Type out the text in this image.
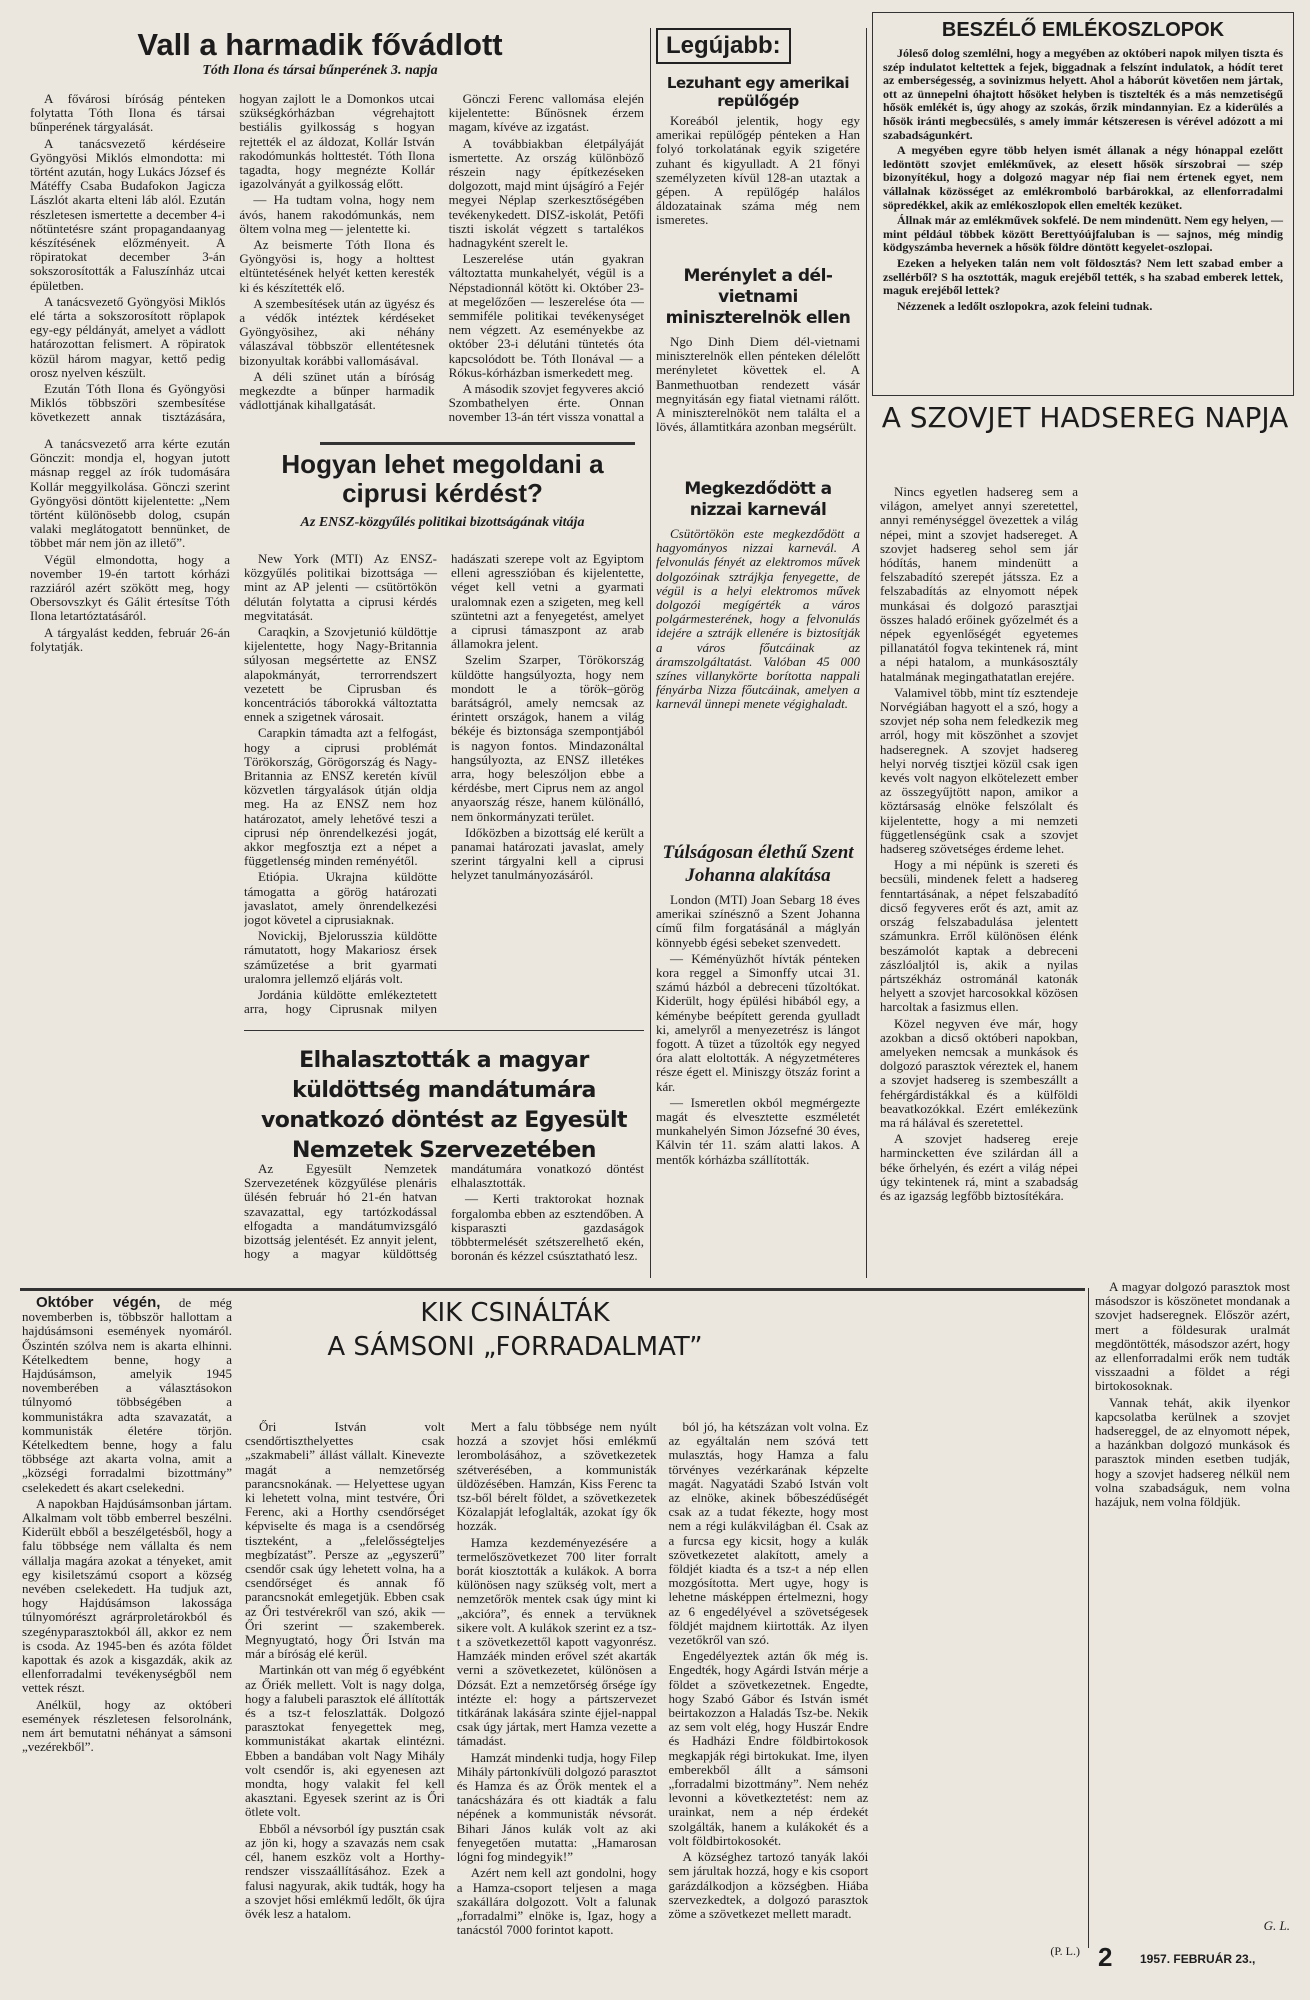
Vall a harmadik fővádlott
Tóth Ilona és társai bűnperének 3. napja

A fővárosi bíróság pénteken folytatta Tóth Ilona és társai bűnperének tárgyalását.

A tanácsvezető kérdéseire Gyöngyösi Miklós elmondotta: mi történt azután, hogy Lukács József és Mátéffy Csaba Budafokon Jagicza Lászlót akarta elteni láb alól. Ezután részletesen ismertette a december 4-i nőtüntetésre szánt propagandaanyag készítésének előzményeit. A röpiratokat december 3-án sokszorosították a Faluszínház utcai épületben.

A tanácsvezető Gyöngyösi Miklós elé tárta a sokszorosított röplapok egy-egy példányát, amelyet a vádlott határozottan felismert. A röpiratok közül három magyar, kettő pedig orosz nyelven készült.

Ezután Tóth Ilona és Gyöngyösi Miklós többszöri szembesítése következett annak tisztázására, hogyan zajlott le a Domonkos utcai szükségkórházban végrehajtott bestiális gyilkosság s hogyan rejtették el az áldozat, Kollár István rakodómunkás holttestét. Tóth Ilona tagadta, hogy megnézte Kollár igazolványát a gyilkosság előtt.

— Ha tudtam volna, hogy nem ávós, hanem rakodómunkás, nem öltem volna meg — jelentette ki.

Az beismerte Tóth Ilona és Gyöngyösi is, hogy a holttest eltüntetésének helyét ketten keresték ki és készítették elő.

A szembesítések után az ügyész és a védők intéztek kérdéseket Gyöngyösihez, aki néhány válaszával többször ellentétesnek bizonyultak korábbi vallomásával.

A déli szünet után a bíróság megkezdte a bűnper harmadik vádlottjának kihallgatását.

Gönczi Ferenc vallomása elején kijelentette: Bűnösnek érzem magam, kívéve az izgatást.

A továbbiakban életpályáját ismertette. Az ország különböző részein nagy építkezéseken dolgozott, majd mint újságíró a Fejér megyei Néplap szerkesztőségében tevékenykedett. DISZ-iskolát, Petőfi tiszti iskolát végzett s tartalékos hadnagyként szerelt le.

Leszerelése után gyakran változtatta munkahelyét, végül is a Népstadionnál kötött ki. Október 23-at megelőzően — leszerelése óta — semmiféle politikai tevékenységet nem végzett. Az eseményekbe az október 23-i délutáni tüntetés óta kapcsolódott be. Tóth Ilonával — a Rókus-kórházban ismerkedett meg.

A második szovjet fegyveres akció Szombathelyen érte. Onnan november 13-án tért vissza vonattal a

A tanácsvezető arra kérte ezután Gönczit: mondja el, hogyan jutott másnap reggel az írók tudomására Kollár meggyilkolása. Gönczi szerint Gyöngyösi döntött kijelentette: „Nem történt különösebb dolog, csupán valaki meglátogatott bennünket, de többet már nem jön az illető”.

Végül elmondotta, hogy a november 19-én tartott kórházi razziáról azért szökött meg, hogy Obersovszkyt és Gálit értesítse Tóth Ilona letartóztatásáról.

A tárgyalást kedden, február 26-án folytatják.

Hogyan lehet megoldani a ciprusi kérdést?
Az ENSZ-közgyűlés politikai bizottságának vitája

New York (MTI) Az ENSZ-közgyűlés politikai bizottsága — mint az AP jelenti — csütörtökön délután folytatta a ciprusi kérdés megvitatását.

Caraqkin, a Szovjetunió küldöttje kijelentette, hogy Nagy-Britannia súlyosan megsértette az ENSZ alapokmányát, terrorrendszert vezetett be Ciprusban és koncentrációs táborokká változtatta ennek a szigetnek városait.

Carapkin támadta azt a felfogást, hogy a ciprusi problémát Törökország, Görögország és Nagy-Britannia az ENSZ keretén kívül közvetlen tárgyalások útján oldja meg. Ha az ENSZ nem hoz határozatot, amely lehetővé teszi a ciprusi nép önrendelkezési jogát, akkor megfosztja ezt a népet a függetlenség minden reményétől.

Etiópia. Ukrajna küldötte támogatta a görög határozati javaslatot, amely önrendelkezési jogot követel a ciprusiaknak.

Novickij, Bjelorusszia küldötte rámutatott, hogy Makariosz érsek száműzetése a brit gyarmati uralomra jellemző eljárás volt.

Jordánia küldötte emlékeztetett arra, hogy Ciprusnak milyen hadászati szerepe volt az Egyiptom elleni agresszióban és kijelentette, véget kell vetni a gyarmati uralomnak ezen a szigeten, meg kell szüntetni azt a fenyegetést, amelyet a ciprusi támaszpont az arab államokra jelent.

Szelim Szarper, Törökország küldötte hangsúlyozta, hogy nem mondott le a török–görög barátságról, amely nemcsak az érintett országok, hanem a világ békéje és biztonsága szempontjából is nagyon fontos. Mindazonáltal hangsúlyozta, az ENSZ illetékes arra, hogy beleszóljon ebbe a kérdésbe, mert Ciprus nem az angol anyaország része, hanem különálló, nem önkormányzati terület.

Időközben a bizottság elé került a panamai határozati javaslat, amely szerint tárgyalni kell a ciprusi helyzet tanulmányozásáról.

Elhalasztották a magyar küldöttség mandátumára vonatkozó döntést az Egyesült Nemzetek Szervezetében

Az Egyesült Nemzetek Szervezetének közgyűlése plenáris ülésén február hó 21-én hatvan szavazattal, egy tartózkodással elfogadta a mandátumvizsgáló bizottság jelentését. Ez annyit jelent, hogy a magyar küldöttség mandátumára vonatkozó döntést elhalasztották.

— Kerti traktorokat hoznak forgalomba ebben az esztendőben. A kisparaszti gazdaságok többtermelését szétszerelhető ekén, boronán és kézzel csúsztatható lesz.

Legújabb:
Lezuhant egy amerikai repülőgép

Koreából jelentik, hogy egy amerikai repülőgép pénteken a Han folyó torkolatának egyik szigetére zuhant és kigyulladt. A 21 főnyi személyzeten kívül 128-an utaztak a gépen. A repülőgép halálos áldozatainak száma még nem ismeretes.

Merénylet a dél-vietnami miniszterelnök ellen

Ngo Dinh Diem dél-vietnami miniszterelnök ellen pénteken délelőtt merényletet követtek el. A Banmethuotban rendezett vásár megnyitásán egy fiatal vietnami rálőtt. A miniszterelnököt nem találta el a lövés, államtitkára azonban megsérült.

Megkezdődött a nizzai karnevál

Csütörtökön este megkezdődött a hagyományos nizzai karnevál. A felvonulás fényét az elektromos művek dolgozóinak sztrájkja fenyegette, de végül is a helyi elektromos művek dolgozói megígérték a város polgármesterének, hogy a felvonulás idejére a sztrájk ellenére is biztosítják a város főutcáinak az áramszolgáltatást. Valóban 45 000 színes villanykörte borította nappali fényárba Nizza főutcáinak, amelyen a karnevál ünnepi menete végighaladt.

Túlságosan élethű Szent Johanna alakítása

London (MTI) Joan Sebarg 18 éves amerikai színésznő a Szent Johanna című film forgatásánál a máglyán könnyebb égési sebeket szenvedett.

— Kéményüzhőt hívták pénteken kora reggel a Simonffy utcai 31. számú házból a debreceni tűzoltókat. Kiderült, hogy épülési hibából egy, a kéménybe beépített gerenda gyulladt ki, amelyről a menyezetrész is lángot fogott. A tüzet a tűzoltók egy negyed óra alatt eloltották. A négyzetméteres része égett el. Miniszgy ötszáz forint a kár.

— Ismeretlen okból megmérgezte magát és elvesztette eszméletét munkahelyén Simon Józsefné 30 éves, Kálvin tér 11. szám alatti lakos. A mentők kórházba szállították.

BESZÉLŐ EMLÉKOSZLOPOK

Jóleső dolog szemlélni, hogy a megyében az októberi napok milyen tiszta és szép indulatot keltettek a fejek, biggadnak a felszínt indulatok, a hódít teret az emberségesség, a sovinizmus helyett. Ahol a háborút követően nem jártak, ott az ünnepelni óhajtott hősöket helyben is tisztelték és a más nemzetiségű hősök emlékét is, úgy ahogy az szokás, őrzik mindannyian. Ez a kiderülés a hősök iránti megbecsülés, s amely immár kétszeresen is vérével adózott a mi szabadságunkért.

A megyében egyre több helyen ismét állanak a négy hónappal ezelőtt ledöntött szovjet emlékművek, az elesett hősök sírszobrai — szép bizonyítékul, hogy a dolgozó magyar nép fiai nem értenek egyet, nem vállalnak közösséget az emlékromboló barbárokkal, az ellenforradalmi söpredékkel, akik az emlékoszlopok ellen emelték kezüket.

Állnak már az emlékművek sokfelé. De nem mindenütt. Nem egy helyen, — mint például többek között Berettyóújfaluban is — sajnos, még mindig ködgyszámba hevernek a hősök földre döntött kegyelet-oszlopai.

Ezeken a helyeken talán nem volt földosztás? Nem lett szabad ember a zsellérből? S ha osztották, maguk erejéből tették, s ha szabad emberek lettek, maguk erejéből lettek?

Nézzenek a ledőlt oszlopokra, azok feleini tudnak.

A SZOVJET HADSEREG NAPJA

Nincs egyetlen hadsereg sem a világon, amelyet annyi szeretettel, annyi reménységgel övezettek a világ népei, mint a szovjet hadsereget. A szovjet hadsereg sehol sem jár hódítás, hanem mindenütt a felszabadító szerepét játssza. Ez a felszabadítás az elnyomott népek munkásai és dolgozó parasztjai összes haladó erőinek győzelmét és a népek egyenlőségét egyetemes pillanatától fogva tekintenek rá, mint a népi hatalom, a munkásosztály hatalmának megingathatatlan erejére.

Valamivel több, mint tíz esztendeje Norvégiában hagyott el a szó, hogy a szovjet nép soha nem feledkezik meg arról, hogy mit köszönhet a szovjet hadseregnek. A szovjet hadsereg helyi norvég tisztjei közül csak igen kevés volt nagyon elkötelezett ember az összegyűjtött napon, amikor a köztársaság elnöke felszólalt és kijelentette, hogy a mi nemzeti függetlenségünk csak a szovjet hadsereg szövetséges érdeme lehet.

Hogy a mi népünk is szereti és becsüli, mindenek felett a hadsereg fenntartásának, a népet felszabadító dicső fegyveres erőt és azt, amit az ország felszabadulása jelentett számunkra. Erről különösen élénk beszámolót kaptak a debreceni zászlóaljtól is, akik a nyilas pártszékház ostrománál katonák helyett a szovjet harcosokkal közösen harcoltak a fasizmus ellen.

Közel negyven éve már, hogy azokban a dicső októberi napokban, amelyeken nemcsak a munkások és dolgozó parasztok véreztek el, hanem a szovjet hadsereg is szembeszállt a fehérgárdistákkal és a külföldi beavatkozókkal. Ezért emlékezünk ma rá hálával és szeretettel.

A szovjet hadsereg ereje harmincketten éve szilárdan áll a béke őrhelyén, és ezért a világ népei úgy tekintenek rá, mint a szabadság és az igazság legfőbb biztosítékára.

A magyar dolgozó parasztok most másodszor is köszönetet mondanak a szovjet hadseregnek. Először azért, mert a földesurak uralmát megdöntötték, másodszor azért, hogy az ellenforradalmi erők nem tudták visszaadni a földet a régi birtokosoknak.

Vannak tehát, akik ilyenkor kapcsolatba kerülnek a szovjet hadsereggel, de az elnyomott népek, a hazánkban dolgozó munkások és parasztok minden esetben tudják, hogy a szovjet hadsereg nélkül nem volna szabadságuk, nem volna hazájuk, nem volna földjük.

G. L.
KIK CSINÁLTÁK
A SÁMSONI „FORRADALMAT”

Október végén, de még novemberben is, többször hallottam a hajdúsámsoni események nyomáról. Őszintén szólva nem is akarta elhinni. Kételkedtem benne, hogy a Hajdúsámson, amelyik 1945 novemberében a választásokon túlnyomó többségében a kommunistákra adta szavazatát, a kommunisták életére törjön. Kételkedtem benne, hogy a falu többsége azt akarta volna, amit a „községi forradalmi bizottmány” cselekedett és akart cselekedni.

A napokban Hajdúsámsonban jártam. Alkalmam volt több emberrel beszélni. Kiderült ebből a beszélgetésből, hogy a falu többsége nem vállalta és nem vállalja magára azokat a tényeket, amit egy kisiletszámú csoport a község nevében cselekedett. Ha tudjuk azt, hogy Hajdúsámson lakossága túlnyomórészt agrárproletárokból és szegényparasztokból áll, akkor ez nem is csoda. Az 1945-ben és azóta földet kapottak és azok a kisgazdák, akik az ellenforradalmi tevékenységből nem vettek részt.

Anélkül, hogy az októberi események részletesen felsorolnánk, nem árt bemutatni néhányat a sámsoni „vezérekből”.

Őri István volt csendőrtiszthelyettes csak „szakmabeli” állást vállalt. Kinevezte magát a nemzetőrség parancsnokának. — Helyettese ugyan ki lehetett volna, mint testvére, Őri Ferenc, aki a Horthy csendőrséget képviselte és maga is a csendőrség tiszteként, a „felelősségteljes megbízatást”. Persze az „egyszerű” csendőr csak úgy lehetett volna, ha a csendőrséget és annak fő parancsnokát emlegetjük. Ebben csak az Őri testvérekről van szó, akik — Őri szerint — szakemberek. Megnyugtató, hogy Őri István ma már a bíróság elé kerül.

Martinkán ott van még ő egyébként az Őriék mellett. Volt is nagy dolga, hogy a falubeli parasztok elé állították és a tsz-t feloszlatták. Dolgozó parasztokat fenyegettek meg, kommunistákat akartak elintézni. Ebben a bandában volt Nagy Mihály volt csendőr is, aki egyenesen azt mondta, hogy valakit fel kell akasztani. Egyesek szerint az is Őri ötlete volt.

Ebből a névsorból így pusztán csak az jön ki, hogy a szavazás nem csak cél, hanem eszköz volt a Horthy-rendszer visszaállításához. Ezek a falusi nagyurak, akik tudták, hogy ha a szovjet hősi emlékmű ledőlt, ők újra övék lesz a hatalom.

Mert a falu többsége nem nyúlt hozzá a szovjet hősi emlékmű lerombolásához, a szövetkezetek szétverésében, a kommunisták üldözésében. Hamzán, Kiss Ferenc ta tsz-ből bérelt földet, a szövetkezetek Közalapját lefoglalták, azokat így ők hozzák.

Hamza kezdeményezésére a termelőszövetkezet 700 liter forralt borát kiosztották a kulákok. A borra különösen nagy szükség volt, mert a nemzetőrök mentek csak úgy mint ki „akcióra”, és ennek a tervüknek sikere volt. A kulákok szerint ez a tsz-t a szövetkezettől kapott vagyonrész. Hamzáék minden erővel szét akarták verni a szövetkezetet, különösen a Dózsát. Ezt a nemzetőrség őrsége így intézte el: hogy a pártszervezet titkárának lakására szinte éjjel-nappal csak úgy jártak, mert Hamza vezette a támadást.

Hamzát mindenki tudja, hogy Filep Mihály pártonkívüli dolgozó parasztot és Hamza és az Őrök mentek el a tanácsházára és ott kiadták a falu népének a kommunisták névsorát. Bihari János kulák volt az aki fenyegetően mutatta: „Hamarosan lógni fog mindegyik!”

Azért nem kell azt gondolni, hogy a Hamza-csoport teljesen a maga szakállára dolgozott. Volt a falunak „forradalmi” elnöke is, Igaz, hogy a tanácstól 7000 forintot kapott.

ból jó, ha kétszázan volt volna. Ez az egyáltalán nem szóvá tett mulasztás, hogy Hamza a falu törvényes vezérkarának képzelte magát. Nagyatádi Szabó István volt az elnöke, akinek bőbeszédűségét csak az a tudat fékezte, hogy most nem a régi kulákvilágban él. Csak az a furcsa egy kicsit, hogy a kulák szövetkezetet alakított, amely a földjét kiadta és a tsz-t a nép ellen mozgósította. Mert ugye, hogy is lehetne másképpen értelmezni, hogy az 6 engedélyével a szövetségesek földjét majdnem kiirtották. Az ilyen vezetőkről van szó.

Engedélyeztek aztán ők még is. Engedték, hogy Agárdi István mérje a földet a szövetkezetnek. Engedte, hogy Szabó Gábor és István ismét beirtakozzon a Haladás Tsz-be. Nekik az sem volt elég, hogy Huszár Endre és Hadházi Endre földbirtokosok megkapják régi birtokukat. Ime, ilyen emberekből állt a sámsoni „forradalmi bizottmány”. Nem nehéz levonni a következtetést: nem az urainkat, nem a nép érdekét szolgálták, hanem a kulákokét és a volt földbirtokosokét.

A községhez tartozó tanyák lakói sem járultak hozzá, hogy e kis csoport garázdálkodjon a községben. Hiába szervezkedtek, a dolgozó parasztok zöme a szövetkezet mellett maradt.

2 1957. FEBRUÁR 23.,
(P. L.)
